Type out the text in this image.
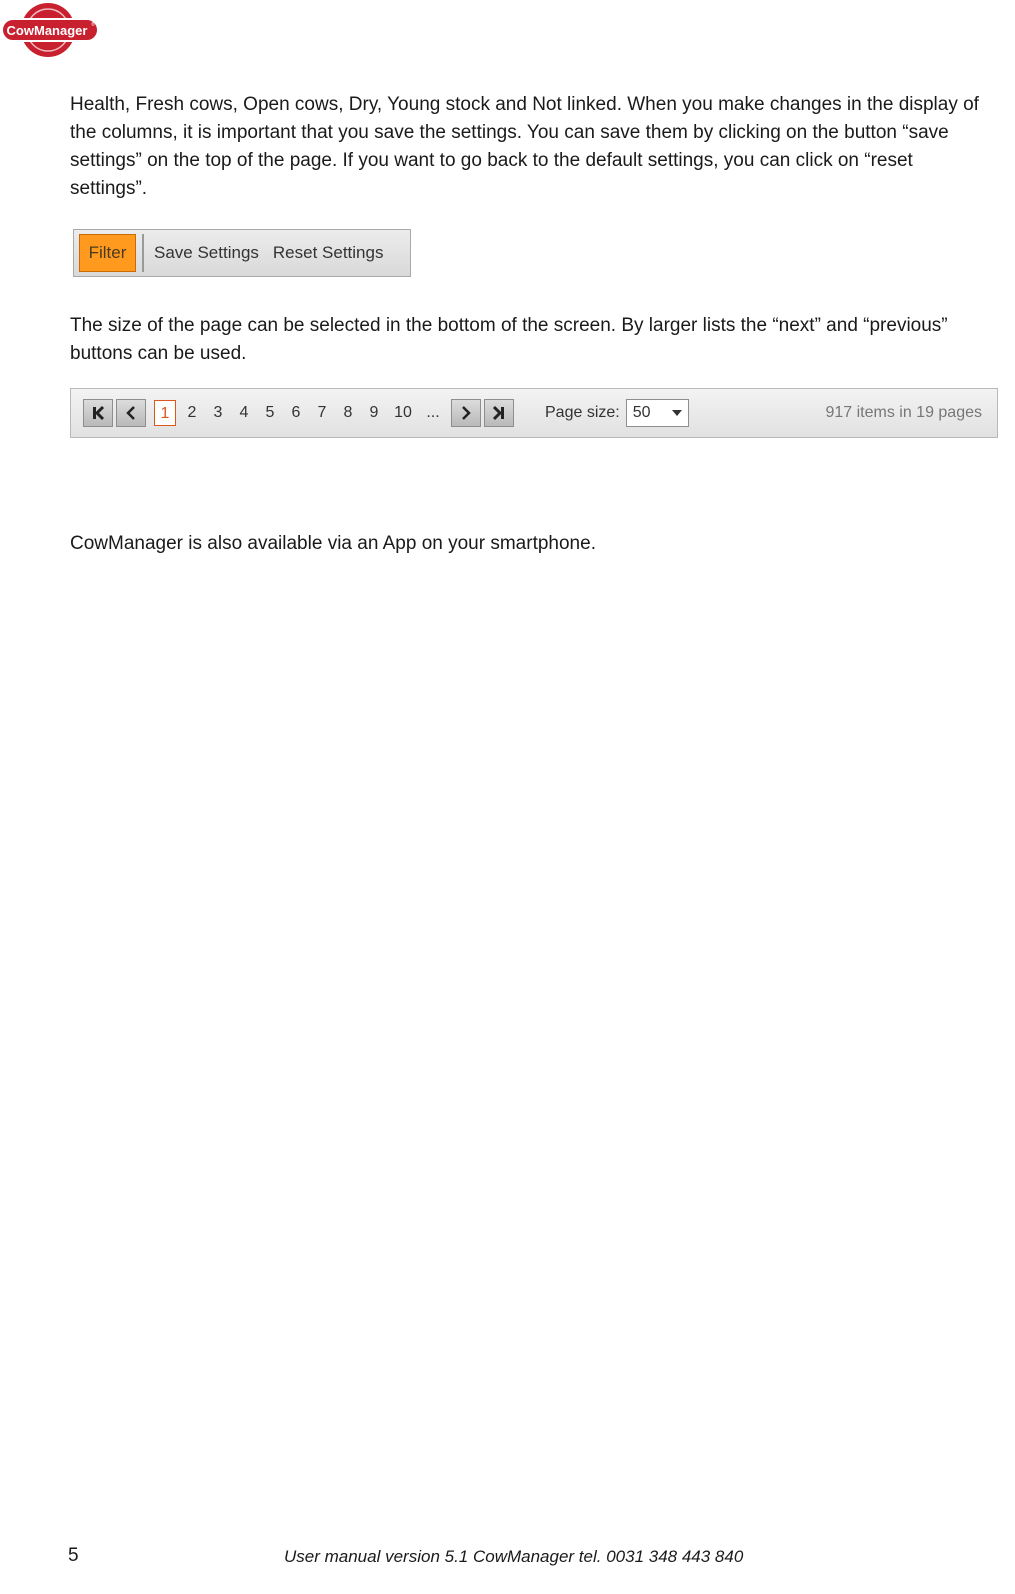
CowManager ®

Health, Fresh cows, Open cows, Dry, Young stock and Not linked. When you make changes in the display of the columns, it is important that you save the settings. You can save them by clicking on the button “save settings” on the top of the page. If you want to go back to the default settings, you can click on “reset settings”.

Filter	Save Settings Reset Settings

The size of the page can be selected in the bottom of the screen. By larger lists the “next” and “previous” buttons can be used.

1	2	3	4	5	6	7	8	9 10 ...	Page size: 50	917 items in 19 pages

CowManager is also available via an App on your smartphone.

5	User manual version 5.1 CowManager tel. 0031 348 443 840
